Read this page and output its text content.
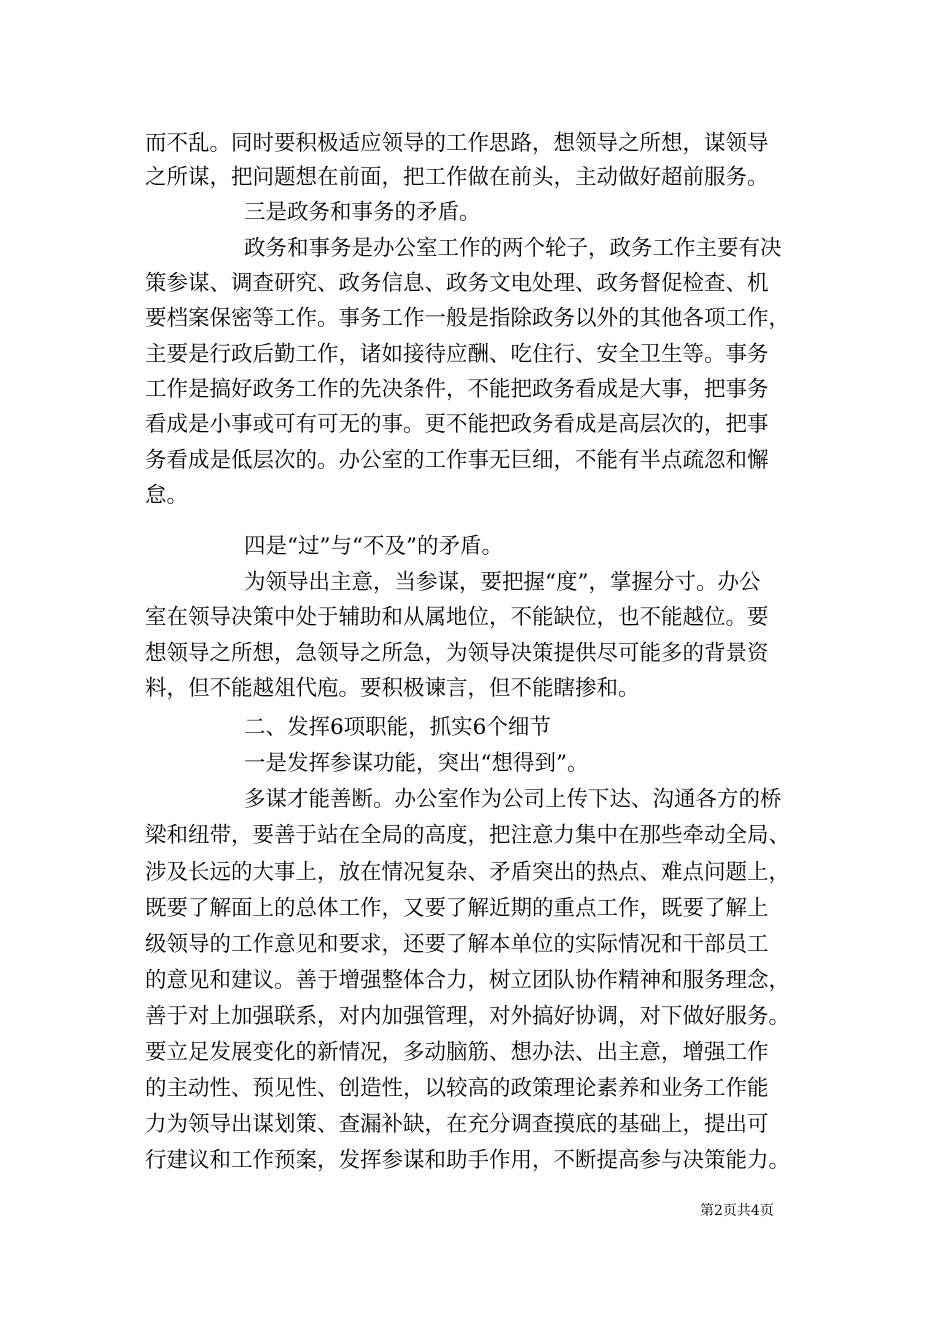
而不乱。同时要积极适应领导的工作思路，想领导之所想，谋领导
之所谋，把问题想在前面，把工作做在前头，主动做好超前服务。
三是政务和事务的矛盾。
政务和事务是办公室工作的两个轮子，政务工作主要有决
策参谋、调查研究、政务信息、政务文电处理、政务督促检查、机
要档案保密等工作。事务工作一般是指除政务以外的其他各项工作，
主要是行政后勤工作，诸如接待应酬、吃住行、安全卫生等。事务
工作是搞好政务工作的先决条件，不能把政务看成是大事，把事务
看成是小事或可有可无的事。更不能把政务看成是高层次的，把事
务看成是低层次的。办公室的工作事无巨细，不能有半点疏忽和懈
怠。
四是“过”与“不及”的矛盾。
为领导出主意，当参谋，要把握“度”，掌握分寸。办公
室在领导决策中处于辅助和从属地位，不能缺位，也不能越位。要
想领导之所想，急领导之所急，为领导决策提供尽可能多的背景资
料，但不能越俎代庖。要积极谏言，但不能瞎掺和。
二、发挥6项职能，抓实6个细节
一是发挥参谋功能，突出“想得到”。
多谋才能善断。办公室作为公司上传下达、沟通各方的桥
梁和纽带，要善于站在全局的高度，把注意力集中在那些牵动全局、
涉及长远的大事上，放在情况复杂、矛盾突出的热点、难点问题上，
既要了解面上的总体工作，又要了解近期的重点工作，既要了解上
级领导的工作意见和要求，还要了解本单位的实际情况和干部员工
的意见和建议。善于增强整体合力，树立团队协作精神和服务理念，
善于对上加强联系，对内加强管理，对外搞好协调，对下做好服务。
要立足发展变化的新情况，多动脑筋、想办法、出主意，增强工作
的主动性、预见性、创造性，以较高的政策理论素养和业务工作能
力为领导出谋划策、查漏补缺，在充分调查摸底的基础上，提出可
行建议和工作预案，发挥参谋和助手作用，不断提高参与决策能力。
第2页共4页
